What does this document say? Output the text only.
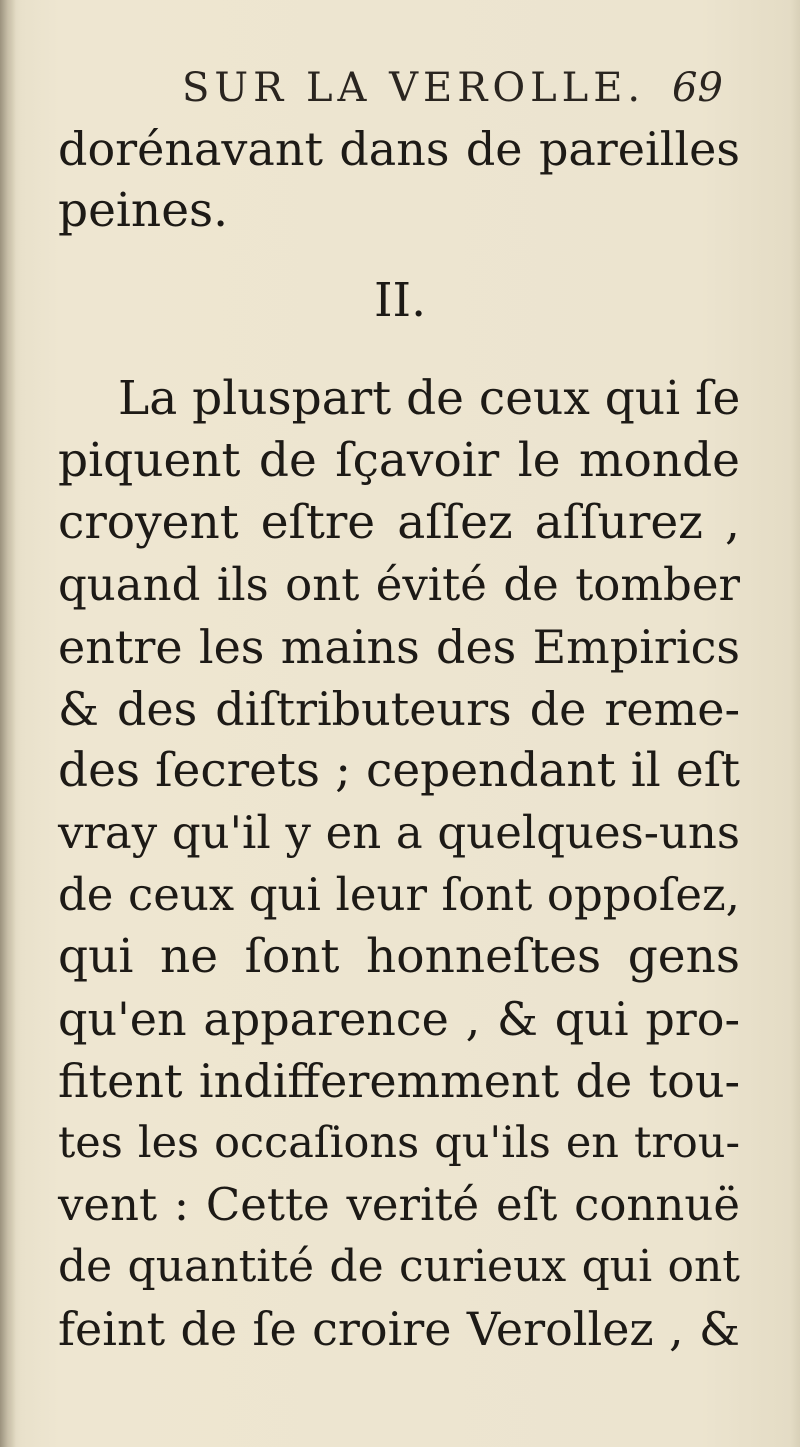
SUR LA VEROLLE. 69
dorénavant dans de pareilles
peines.
II.
La pluspart de ceux qui ſe
piquent de ſçavoir le monde
croyent eſtre aſſez aſſurez ,
quand ils ont évité de tomber
entre les mains des Empirics
& des diſtributeurs de reme-
des ſecrets ; cependant il eſt
vray qu'il y en a quelques-uns
de ceux qui leur ſont oppoſez,
qui ne ſont honneſtes gens
qu'en apparence , & qui pro-
fitent indifferemment de tou-
tes les occaſions qu'ils en trou-
vent : Cette verité eſt connuë
de quantité de curieux qui ont
feint de ſe croire Verollez , &
